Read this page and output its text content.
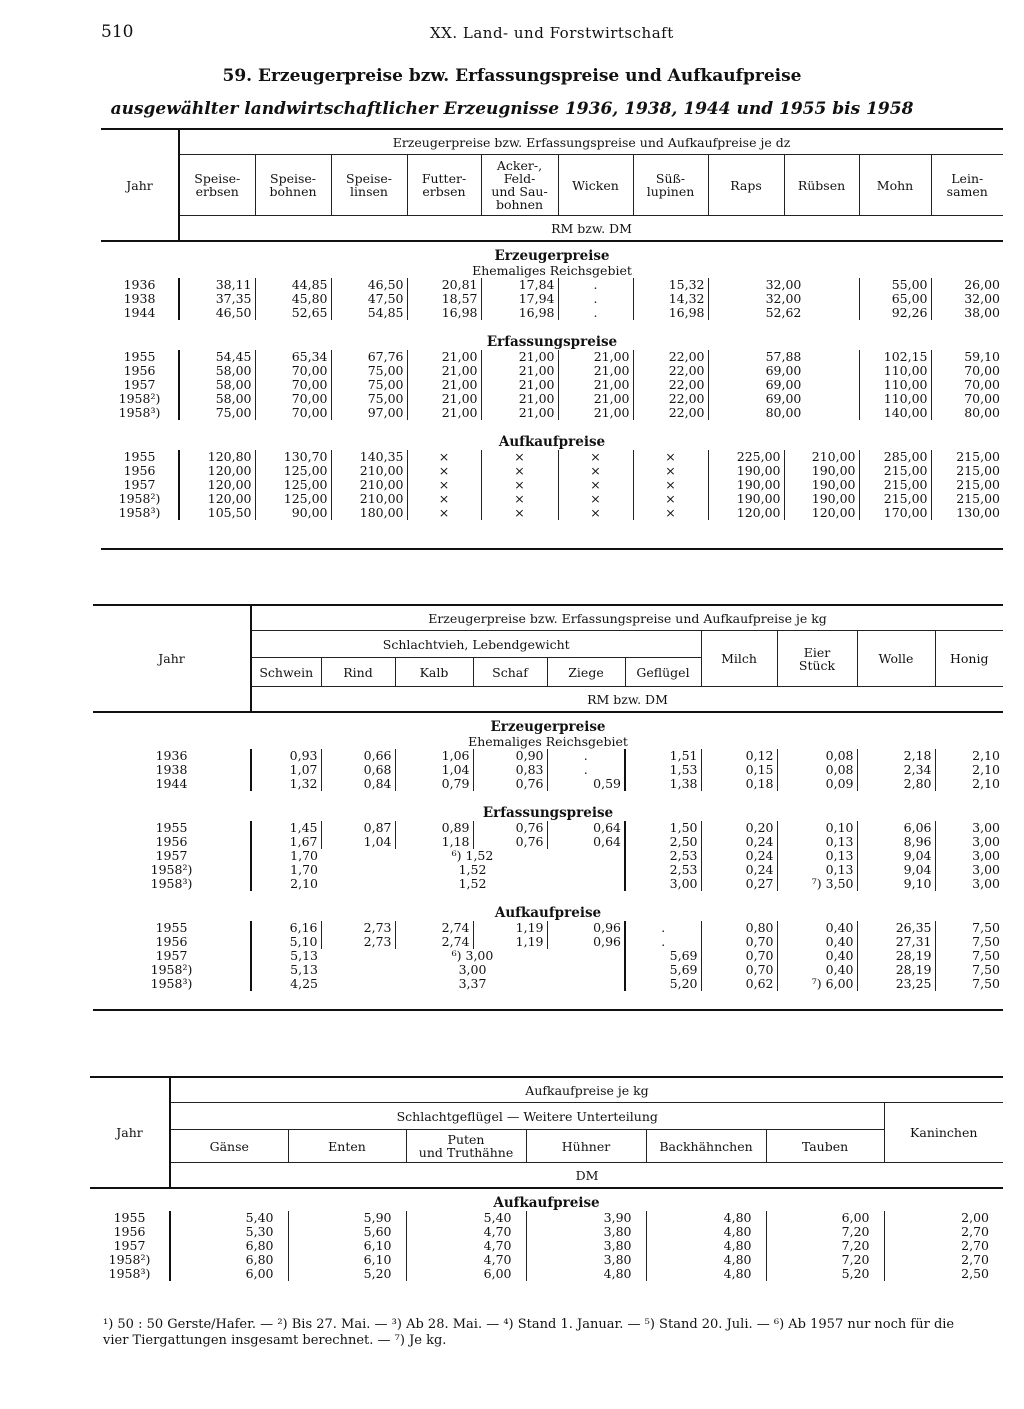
510	XX. Land- und Forstwirtschaft
59. Erzeugerpreise bzw. Erfassungspreise und Aufkaufpreise
ausgewählter landwirtschaftlicher Erzeugnisse 1936, 1938, 1944 und 1955 bis 1958
Jahr	Erzeugerpreise bzw. Erfassungspreise und Aufkaufpreise je dz										
	Speise-
erbsen	Speise-
bohnen	Speise-
linsen	Futter-
erbsen	Acker-,
Feld-
und Sau-
bohnen	Wicken	Süß-
lupinen	Raps	Rübsen	Mohn	Lein-
samen
	RM bzw. DM										
Erzeugerpreise											
Ehemaliges Reichsgebiet											
1936	38,11	44,85	46,50	20,81	17,84	.	15,32	32,00		55,00	26,00
1938	37,35	45,80	47,50	18,57	17,94	.	14,32	32,00		65,00	32,00
1944	46,50	52,65	54,85	16,98	16,98	.	16,98	52,62		92,26	38,00

Erfassungspreise											
1955	54,45	65,34	67,76	21,00	21,00	21,00	22,00	57,88		102,15	59,10
1956	58,00	70,00	75,00	21,00	21,00	21,00	22,00	69,00		110,00	70,00
1957	58,00	70,00	75,00	21,00	21,00	21,00	22,00	69,00		110,00	70,00
1958²)	58,00	70,00	75,00	21,00	21,00	21,00	22,00	69,00		110,00	70,00
1958³)	75,00	70,00	97,00	21,00	21,00	21,00	22,00	80,00		140,00	80,00

Aufkaufpreise											
1955	120,80	130,70	140,35	×	×	×	×	225,00	210,00	285,00	215,00
1956	120,00	125,00	210,00	×	×	×	×	190,00	190,00	215,00	215,00
1957	120,00	125,00	210,00	×	×	×	×	190,00	190,00	215,00	215,00
1958²)	120,00	125,00	210,00	×	×	×	×	190,00	190,00	215,00	215,00
1958³)	105,50	90,00	180,00	×	×	×	×	120,00	120,00	170,00	130,00

Jahr	Erzeugerpreise bzw. Erfassungspreise und Aufkaufpreise je kg									
	Schlachtvieh, Lebendgewicht						Milch	Eier
Stück	Wolle	Honig
	Schwein	Rind	Kalb	Schaf	Ziege	Geflügel				
	RM bzw. DM									
Erzeugerpreise										
Ehemaliges Reichsgebiet										
1936	0,93	0,66	1,06	0,90	.	1,51	0,12	0,08	2,18	2,10
1938	1,07	0,68	1,04	0,83	.	1,53	0,15	0,08	2,34	2,10
1944	1,32	0,84	0,79	0,76	0,59	1,38	0,18	0,09	2,80	2,10

Erfassungspreise										
1955	1,45	0,87	0,89	0,76	0,64	1,50	0,20	0,10	6,06	3,00
1956	1,67	1,04	1,18	0,76	0,64	2,50	0,24	0,13	8,96	3,00
1957	1,70	⁶) 1,52				2,53	0,24	0,13	9,04	3,00
1958²)	1,70	1,52				2,53	0,24	0,13	9,04	3,00
1958³)	2,10	1,52				3,00	0,27	⁷) 3,50	9,10	3,00

Aufkaufpreise										
1955	6,16	2,73	2,74	1,19	0,96	.	0,80	0,40	26,35	7,50
1956	5,10	2,73	2,74	1,19	0,96	.	0,70	0,40	27,31	7,50
1957	5,13	⁶) 3,00				5,69	0,70	0,40	28,19	7,50
1958²)	5,13	3,00				5,69	0,70	0,40	28,19	7,50
1958³)	4,25	3,37				5,20	0,62	⁷) 6,00	23,25	7,50

Jahr	Aufkaufpreise je kg						
	Schlachtgeflügel — Weitere Unterteilung						Kaninchen
	Gänse	Enten	Puten
und Truthähne	Hühner	Backhähnchen	Tauben	
	DM						
Aufkaufpreise							
1955	5,40	5,90	5,40	3,90	4,80	6,00	2,00
1956	5,30	5,60	4,70	3,80	4,80	7,20	2,70
1957	6,80	6,10	4,70	3,80	4,80	7,20	2,70
1958²)	6,80	6,10	4,70	3,80	4,80	7,20	2,70
1958³)	6,00	5,20	6,00	4,80	4,80	5,20	2,50
¹) 50 : 50 Gerste/Hafer. — ²) Bis 27. Mai. — ³) Ab 28. Mai. — ⁴) Stand 1. Januar. — ⁵) Stand 20. Juli. — ⁶) Ab 1957 nur noch für die vier Tiergattungen insgesamt berechnet. — ⁷) Je kg.
